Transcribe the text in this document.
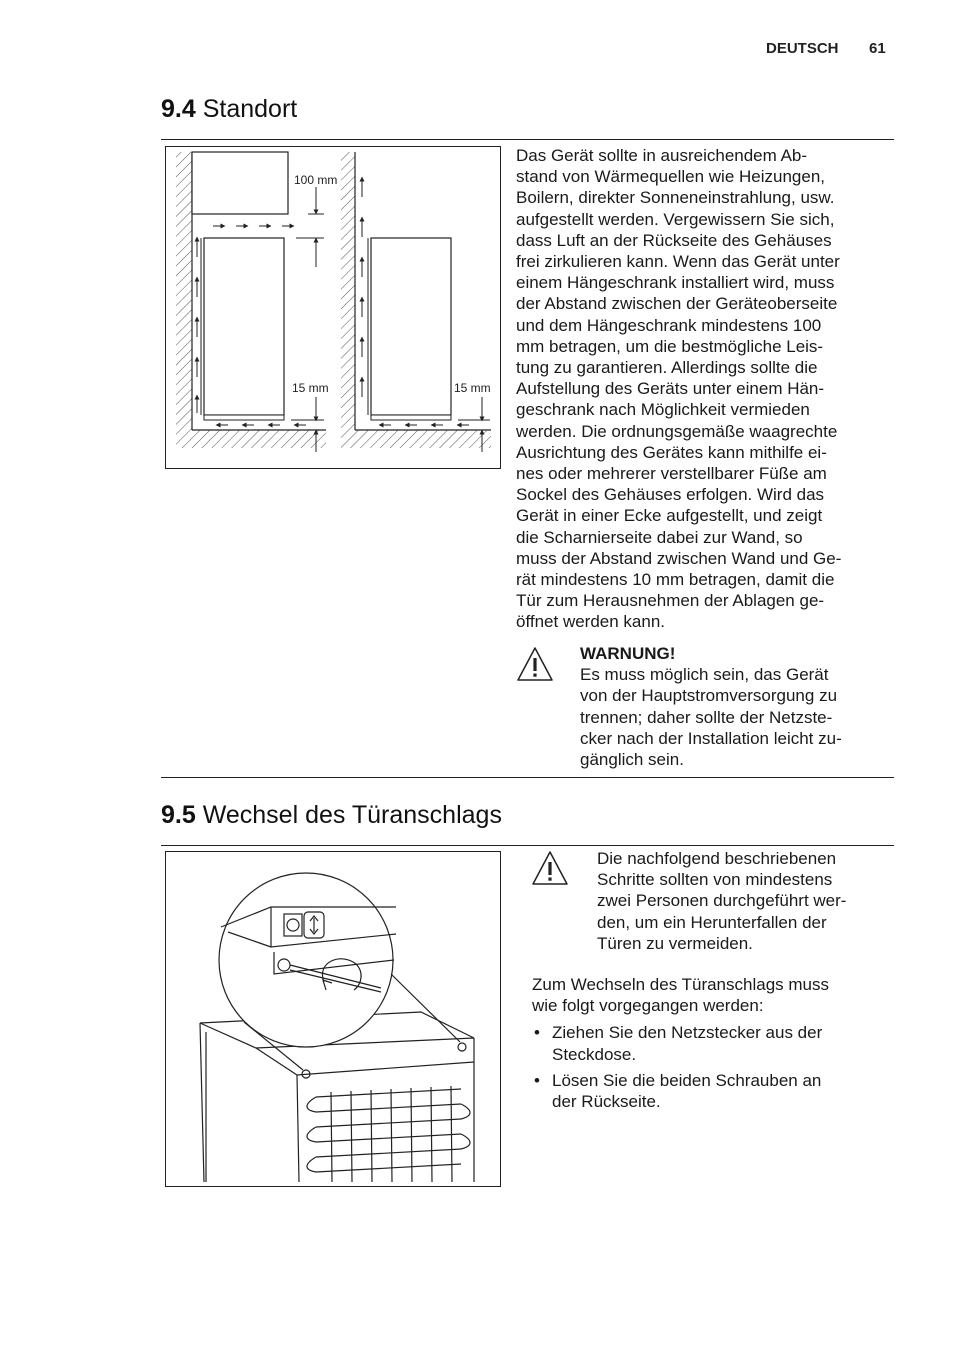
DEUTSCH 61
9.4 Standort
100 mm
15 mm	15 mm

Das Gerät sollte in ausreichendem Ab-
stand von Wärmequellen wie Heizungen,
Boilern, direkter Sonneneinstrahlung, usw.
aufgestellt werden. Vergewissern Sie sich,
dass Luft an der Rückseite des Gehäuses
frei zirkulieren kann. Wenn das Gerät unter
einem Hängeschrank installiert wird, muss
der Abstand zwischen der Geräteoberseite
und dem Hängeschrank mindestens 100
mm betragen, um die bestmögliche Leis-
tung zu garantieren. Allerdings sollte die
Aufstellung des Geräts unter einem Hän-
geschrank nach Möglichkeit vermieden
werden. Die ordnungsgemäße waagrechte
Ausrichtung des Gerätes kann mithilfe ei-
nes oder mehrerer verstellbarer Füße am
Sockel des Gehäuses erfolgen. Wird das
Gerät in einer Ecke aufgestellt, und zeigt
die Scharnierseite dabei zur Wand, so
muss der Abstand zwischen Wand und Ge-
rät mindestens 10 mm betragen, damit die
Tür zum Herausnehmen der Ablagen ge-
öffnet werden kann.

WARNUNG!

Es muss möglich sein, das Gerät
von der Hauptstromversorgung zu
trennen; daher sollte der Netzste-
cker nach der Installation leicht zu-
gänglich sein.

9.5 Wechsel des Türanschlags

Die nachfolgend beschriebenen
Schritte sollten von mindestens
zwei Personen durchgeführt wer-
den, um ein Herunterfallen der
Türen zu vermeiden.

Zum Wechseln des Türanschlags muss
wie folgt vorgegangen werden:

• Ziehen Sie den Netzstecker aus der
Steckdose.
• Lösen Sie die beiden Schrauben an
der Rückseite.
